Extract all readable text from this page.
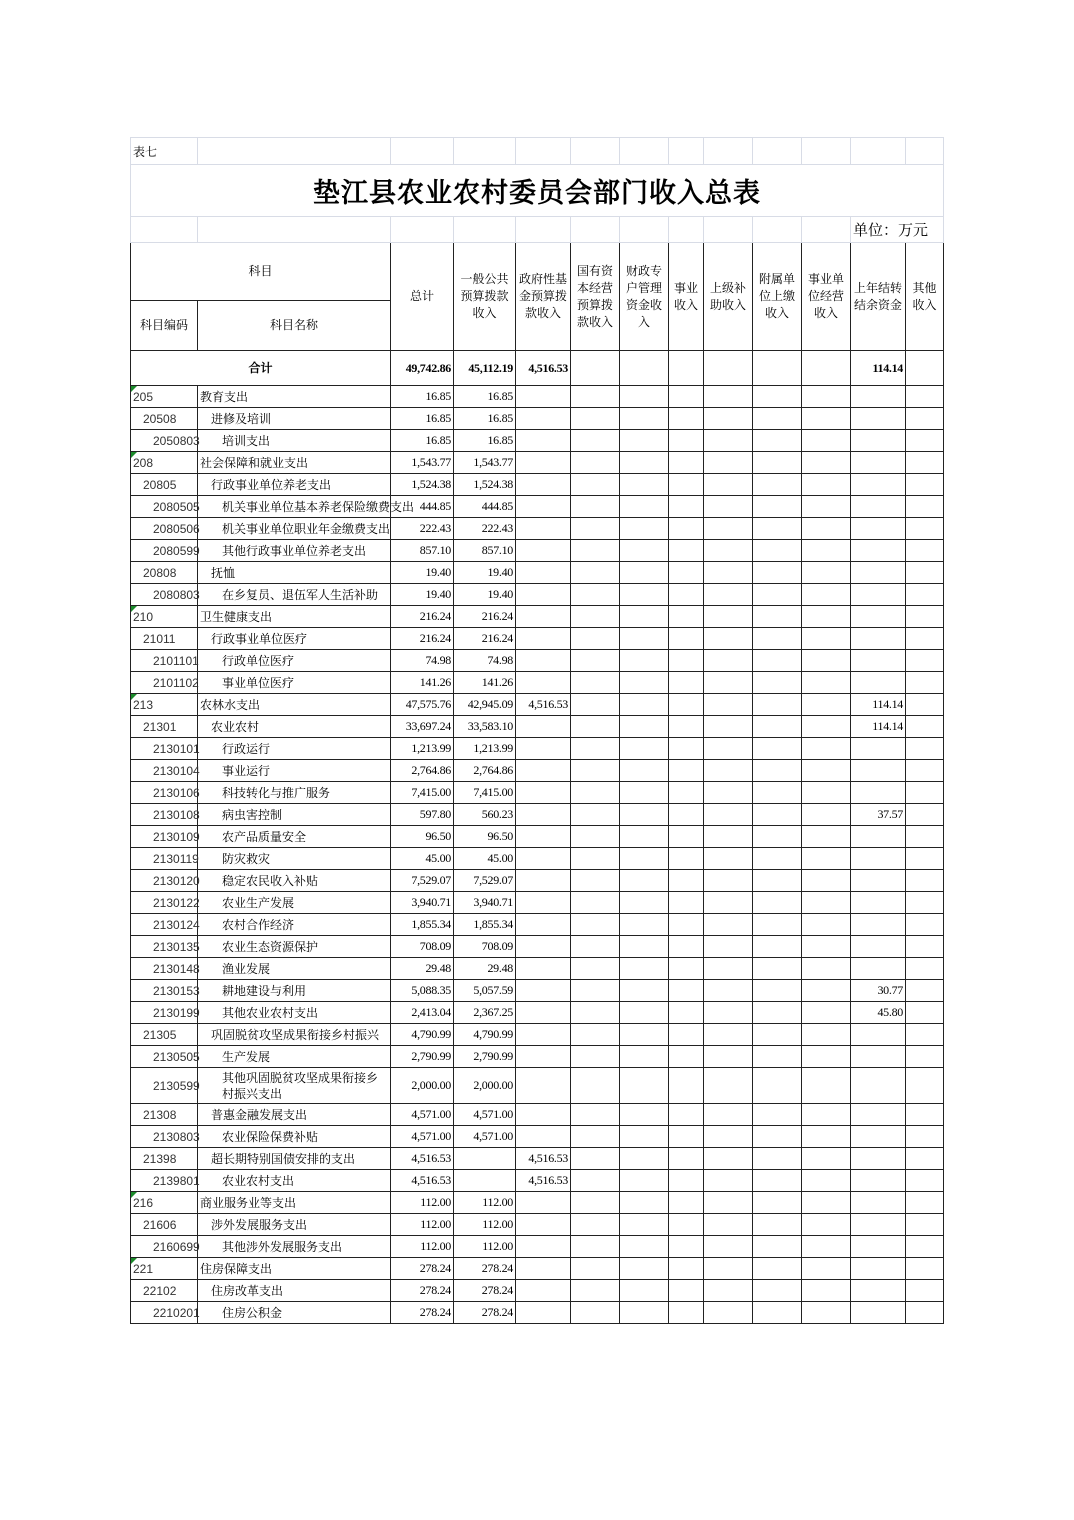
表七												
垫江县农业农村委员会部门收入总表												
											单位：万元	
科目		总计	一般公共预算拨款收入	政府性基金预算拨款收入	国有资本经营预算拨款收入	财政专户管理资金收入	事业收入	上级补助收入	附属单位上缴收入	事业单位经营收入	上年结转结余资金	其他收入
科目编码	科目名称											
合计		49,742.86	45,112.19	4,516.53							114.14	
205	教育支出	16.85	16.85									
20508	进修及培训	16.85	16.85									
2050803	培训支出	16.85	16.85									
208	社会保障和就业支出	1,543.77	1,543.77									
20805	行政事业单位养老支出	1,524.38	1,524.38									
2080505	机关事业单位基本养老保险缴费支出	444.85	444.85									
2080506	机关事业单位职业年金缴费支出	222.43	222.43									
2080599	其他行政事业单位养老支出	857.10	857.10									
20808	抚恤	19.40	19.40									
2080803	在乡复员、退伍军人生活补助	19.40	19.40									
210	卫生健康支出	216.24	216.24									
21011	行政事业单位医疗	216.24	216.24									
2101101	行政单位医疗	74.98	74.98									
2101102	事业单位医疗	141.26	141.26									
213	农林水支出	47,575.76	42,945.09	4,516.53							114.14	
21301	农业农村	33,697.24	33,583.10								114.14	
2130101	行政运行	1,213.99	1,213.99									
2130104	事业运行	2,764.86	2,764.86									
2130106	科技转化与推广服务	7,415.00	7,415.00									
2130108	病虫害控制	597.80	560.23								37.57	
2130109	农产品质量安全	96.50	96.50									
2130119	防灾救灾	45.00	45.00									
2130120	稳定农民收入补贴	7,529.07	7,529.07									
2130122	农业生产发展	3,940.71	3,940.71									
2130124	农村合作经济	1,855.34	1,855.34									
2130135	农业生态资源保护	708.09	708.09									
2130148	渔业发展	29.48	29.48									
2130153	耕地建设与利用	5,088.35	5,057.59								30.77	
2130199	其他农业农村支出	2,413.04	2,367.25								45.80	
21305	巩固脱贫攻坚成果衔接乡村振兴	4,790.99	4,790.99									
2130505	生产发展	2,790.99	2,790.99									
2130599	其他巩固脱贫攻坚成果衔接乡村振兴支出	2,000.00	2,000.00									
21308	普惠金融发展支出	4,571.00	4,571.00									
2130803	农业保险保费补贴	4,571.00	4,571.00									
21398	超长期特别国债安排的支出	4,516.53		4,516.53								
2139801	农业农村支出	4,516.53		4,516.53								
216	商业服务业等支出	112.00	112.00									
21606	涉外发展服务支出	112.00	112.00									
2160699	其他涉外发展服务支出	112.00	112.00									
221	住房保障支出	278.24	278.24									
22102	住房改革支出	278.24	278.24									
2210201	住房公积金	278.24	278.24									
